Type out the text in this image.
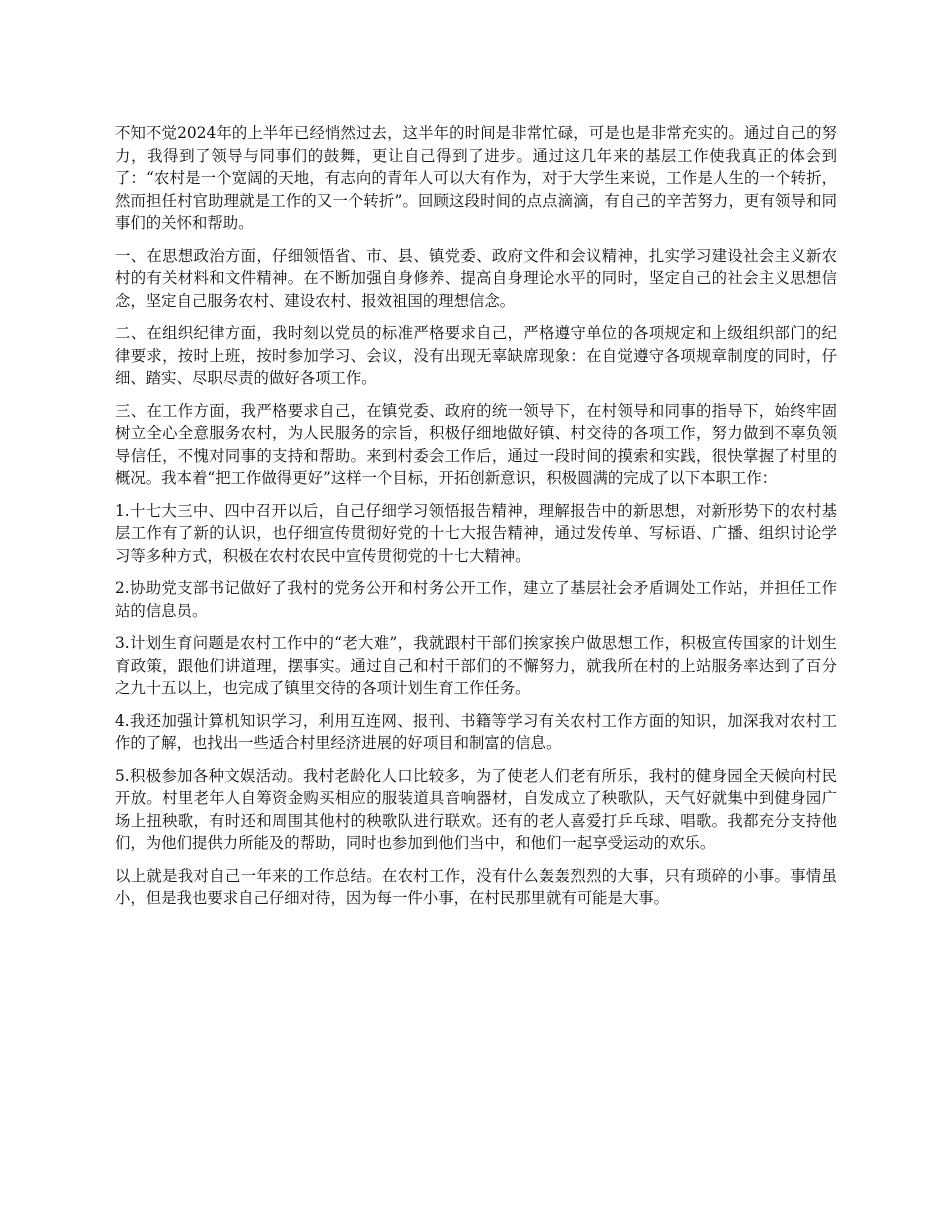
不知不觉2024年的上半年已经悄然过去，这半年的时间是非常忙碌，可是也是非常充实的。通过自己的努力，我得到了领导与同事们的鼓舞，更让自己得到了进步。通过这几年来的基层工作使我真正的体会到了：“农村是一个宽阔的天地，有志向的青年人可以大有作为，对于大学生来说，工作是人生的一个转折，然而担任村官助理就是工作的又一个转折”。回顾这段时间的点点滴滴，有自己的辛苦努力，更有领导和同事们的关怀和帮助。

一、在思想政治方面，仔细领悟省、市、县、镇党委、政府文件和会议精神，扎实学习建设社会主义新农村的有关材料和文件精神。在不断加强自身修养、提高自身理论水平的同时，坚定自己的社会主义思想信念，坚定自己服务农村、建设农村、报效祖国的理想信念。

二、在组织纪律方面，我时刻以党员的标准严格要求自己，严格遵守单位的各项规定和上级组织部门的纪律要求，按时上班，按时参加学习、会议，没有出现无辜缺席现象：在自觉遵守各项规章制度的同时，仔细、踏实、尽职尽责的做好各项工作。

三、在工作方面，我严格要求自己，在镇党委、政府的统一领导下，在村领导和同事的指导下，始终牢固树立全心全意服务农村，为人民服务的宗旨，积极仔细地做好镇、村交待的各项工作，努力做到不辜负领导信任，不愧对同事的支持和帮助。来到村委会工作后，通过一段时间的摸索和实践，很快掌握了村里的概况。我本着“把工作做得更好”这样一个目标，开拓创新意识，积极圆满的完成了以下本职工作：

1.十七大三中、四中召开以后，自己仔细学习领悟报告精神，理解报告中的新思想，对新形势下的农村基层工作有了新的认识，也仔细宣传贯彻好党的十七大报告精神，通过发传单、写标语、广播、组织讨论学习等多种方式，积极在农村农民中宣传贯彻党的十七大精神。

2.协助党支部书记做好了我村的党务公开和村务公开工作，建立了基层社会矛盾调处工作站，并担任工作站的信息员。

3.计划生育问题是农村工作中的“老大难”，我就跟村干部们挨家挨户做思想工作，积极宣传国家的计划生育政策，跟他们讲道理，摆事实。通过自己和村干部们的不懈努力，就我所在村的上站服务率达到了百分之九十五以上，也完成了镇里交待的各项计划生育工作任务。

4.我还加强计算机知识学习，利用互连网、报刊、书籍等学习有关农村工作方面的知识，加深我对农村工作的了解，也找出一些适合村里经济进展的好项目和制富的信息。

5.积极参加各种文娱活动。我村老龄化人口比较多，为了使老人们老有所乐，我村的健身园全天候向村民开放。村里老年人自筹资金购买相应的服装道具音响器材，自发成立了秧歌队，天气好就集中到健身园广场上扭秧歌，有时还和周围其他村的秧歌队进行联欢。还有的老人喜爱打乒乓球、唱歌。我都充分支持他们，为他们提供力所能及的帮助，同时也参加到他们当中，和他们一起享受运动的欢乐。

以上就是我对自己一年来的工作总结。在农村工作，没有什么轰轰烈烈的大事，只有琐碎的小事。事情虽小，但是我也要求自己仔细对待，因为每一件小事，在村民那里就有可能是大事。
